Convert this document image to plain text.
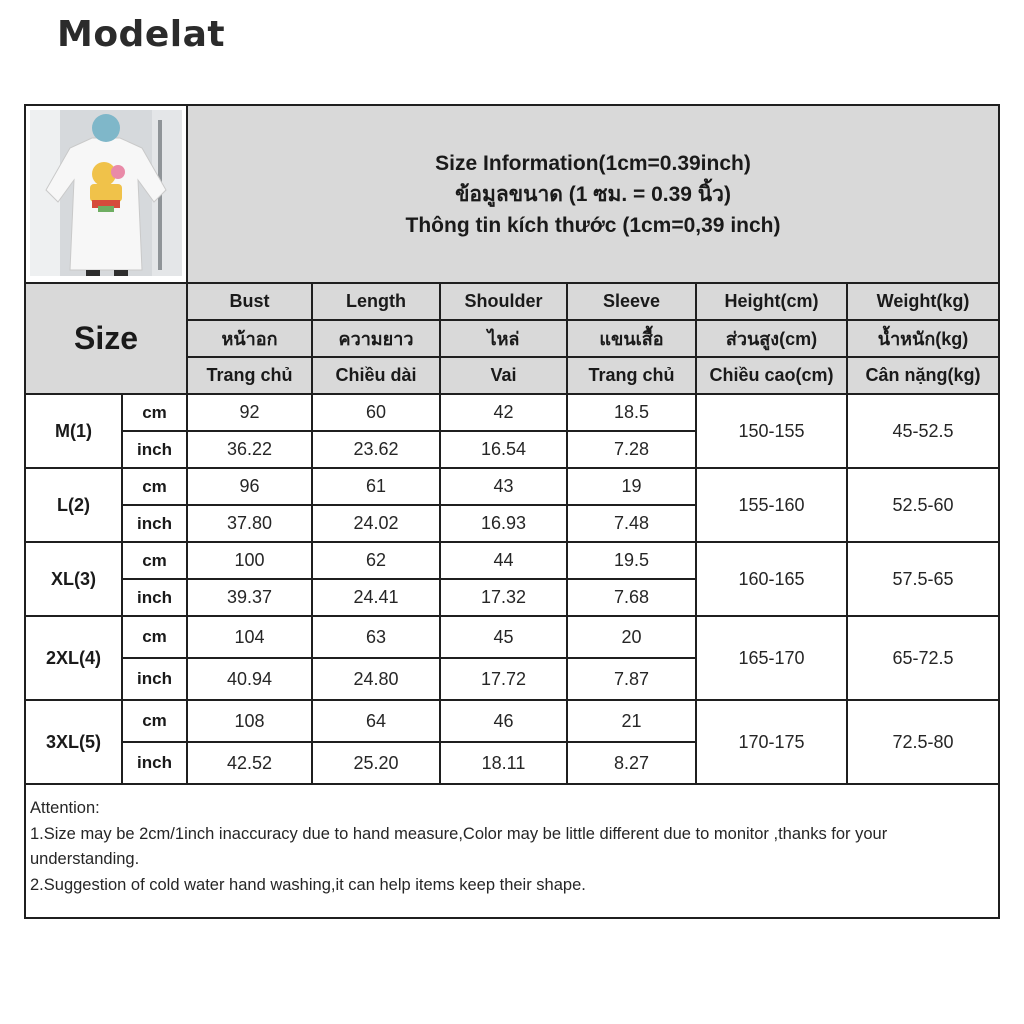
Modelat

Size Information(1cm=0.39inch)
ข้อมูลขนาด (1 ซม. = 0.39 นิ้ว)
Thông tin kích thước (1cm=0,39 inch)					

Size		Bust	Length	Shoulder	Sleeve	Height(cm)	Weight(kg)
		หน้าอก	ความยาว	ไหล่	แขนเสื้อ	ส่วนสูง(cm)	น้ำหนัก(kg)
		Trang chủ	Chiều dài	Vai	Trang chủ	Chiều cao(cm)	Cân nặng(kg)
M(1)	cm	92	60	42	18.5	150-155	45-52.5
	inch	36.22	23.62	16.54	7.28		
L(2)	cm	96	61	43	19	155-160	52.5-60
	inch	37.80	24.02	16.93	7.48		
XL(3)	cm	100	62	44	19.5	160-165	57.5-65
	inch	39.37	24.41	17.32	7.68		
2XL(4)	cm	104	63	45	20	165-170	65-72.5
	inch	40.94	24.80	17.72	7.87		
3XL(5)	cm	108	64	46	21	170-175	72.5-80
	inch	42.52	25.20	18.11	8.27		

Attention:

1.Size may be 2cm/1inch inaccuracy due to hand measure,Color may be little different due to monitor ,thanks for your understanding.

2.Suggestion of cold water hand washing,it can help items keep their shape.
